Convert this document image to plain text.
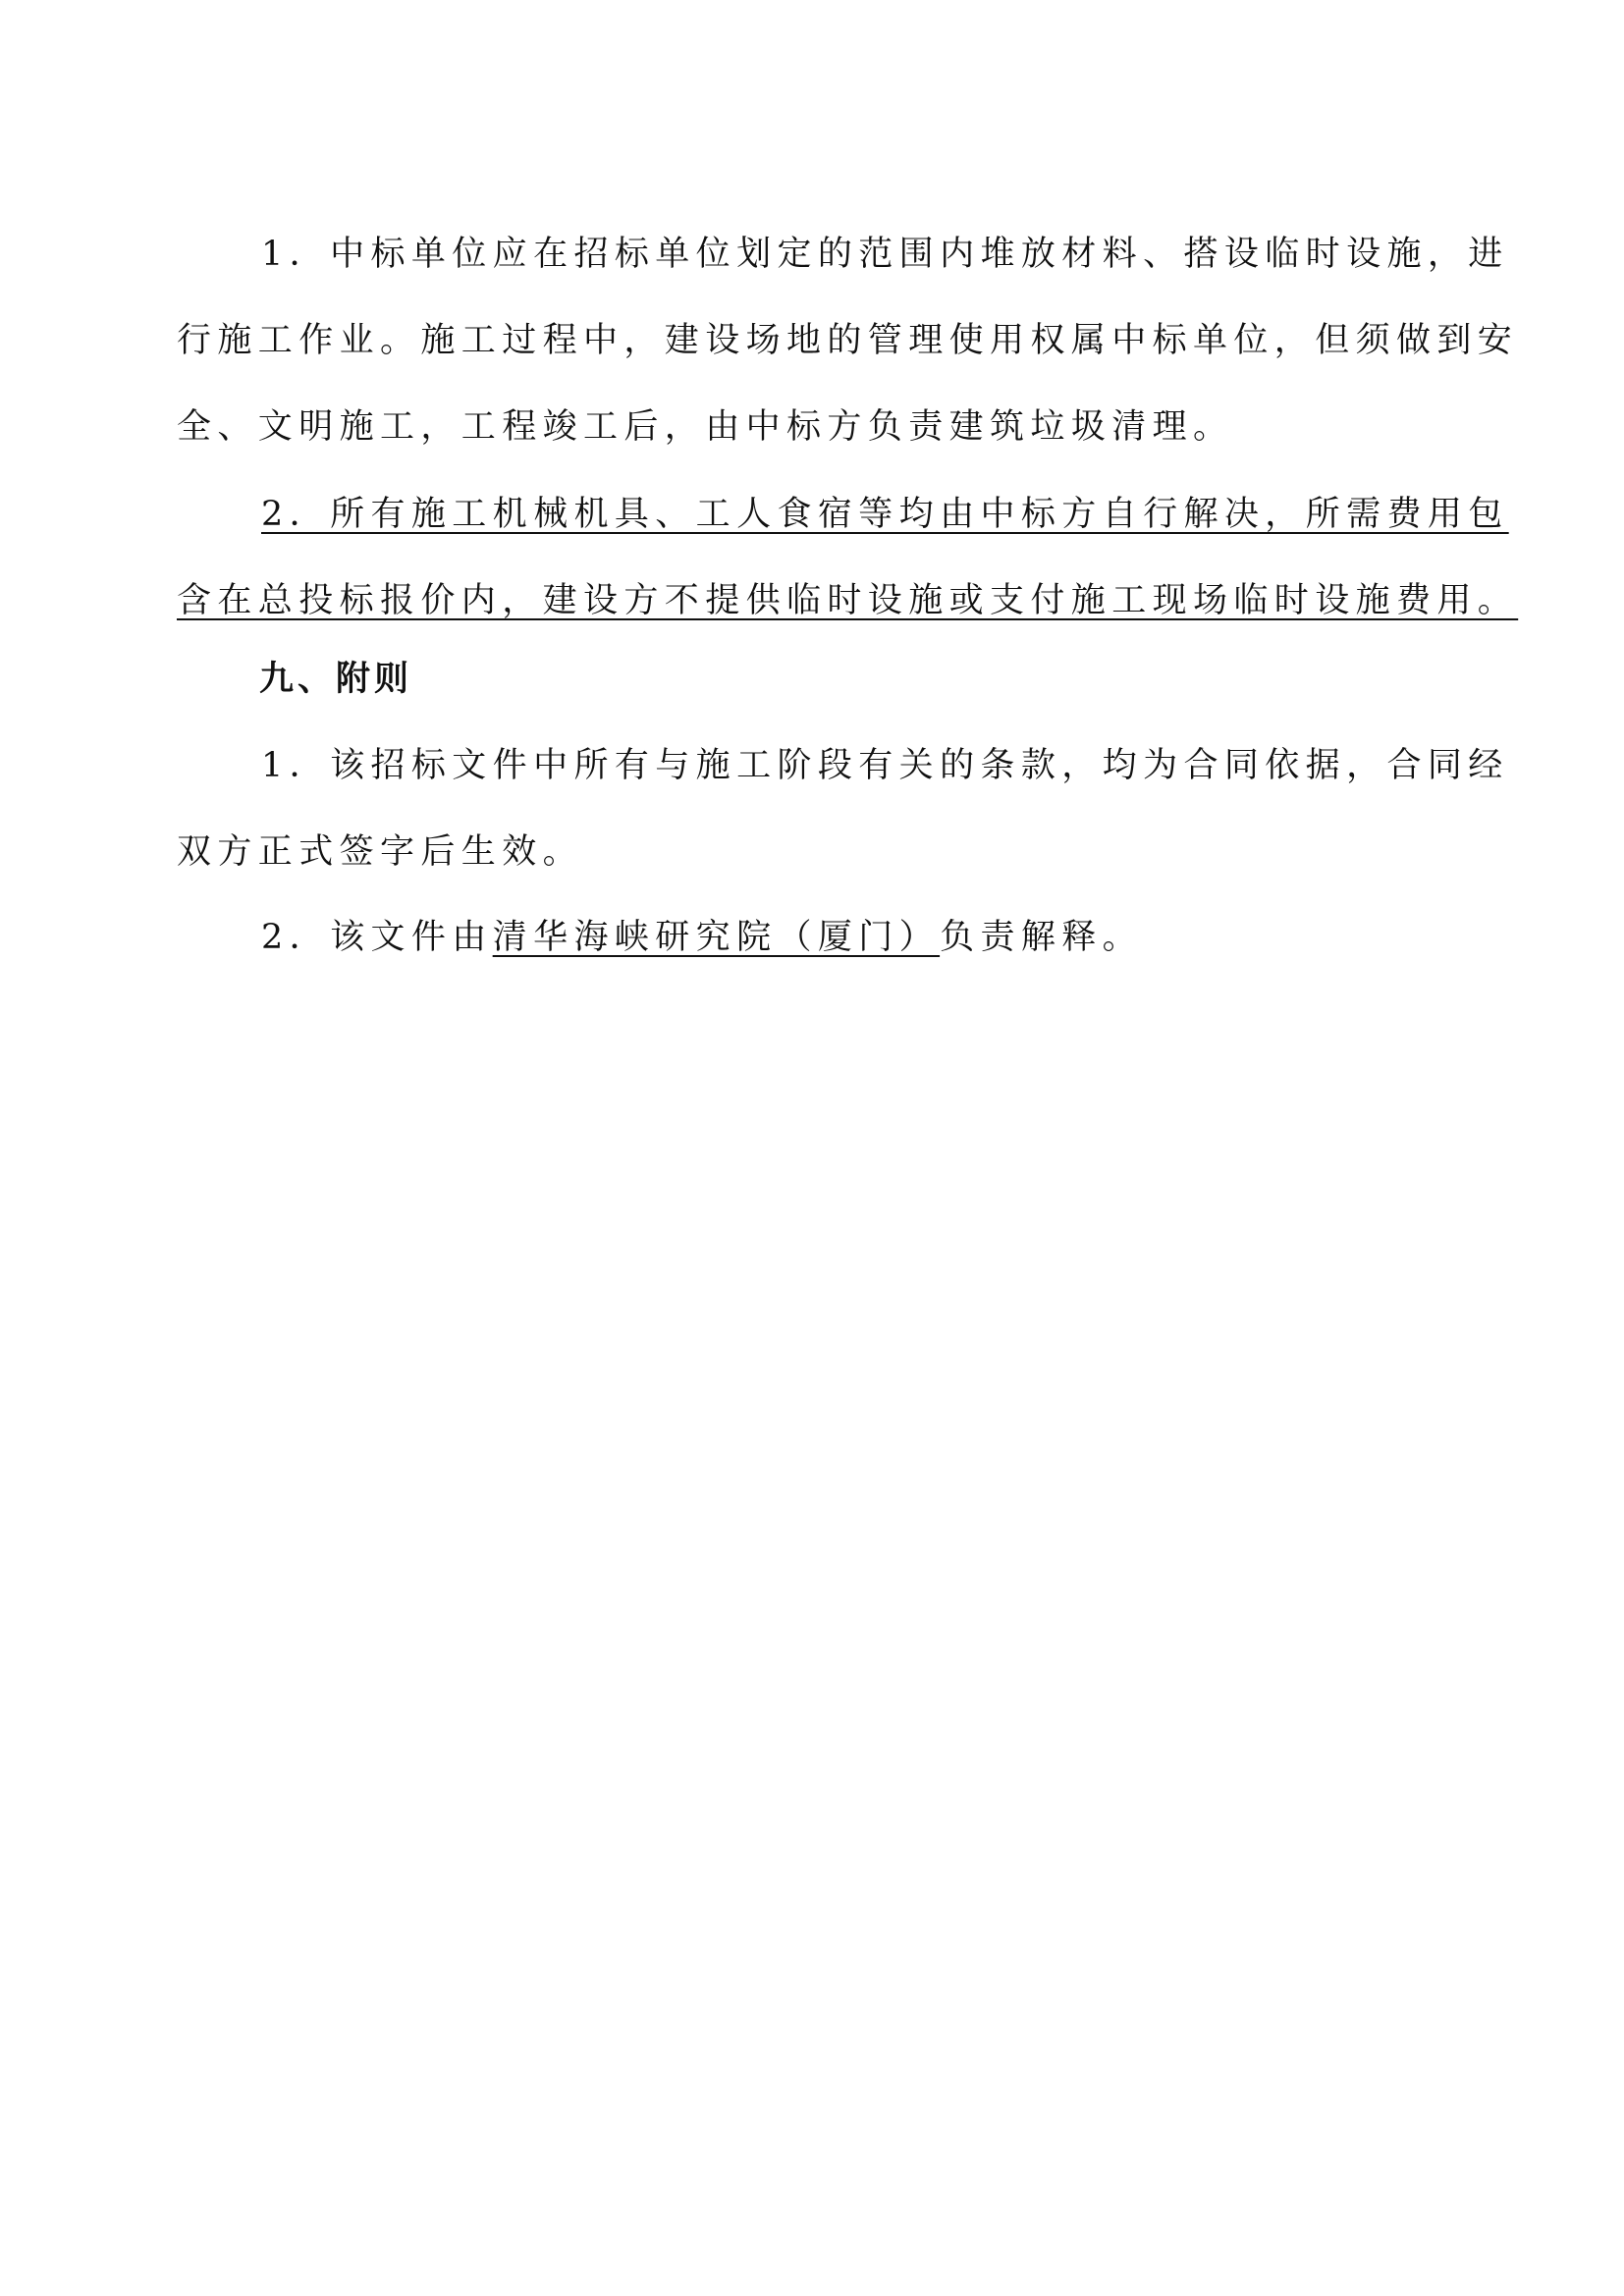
1．中标单位应在招标单位划定的范围内堆放材料、搭设临时设施，进
行施工作业。施工过程中，建设场地的管理使用权属中标单位，但须做到安
全、文明施工，工程竣工后，由中标方负责建筑垃圾清理。
2．所有施工机械机具、工人食宿等均由中标方自行解决，所需费用包
含在总投标报价内，建设方不提供临时设施或支付施工现场临时设施费用。
九、附则
1．该招标文件中所有与施工阶段有关的条款，均为合同依据，合同经
双方正式签字后生效。
2．该文件由清华海峡研究院（厦门）负责解释。
